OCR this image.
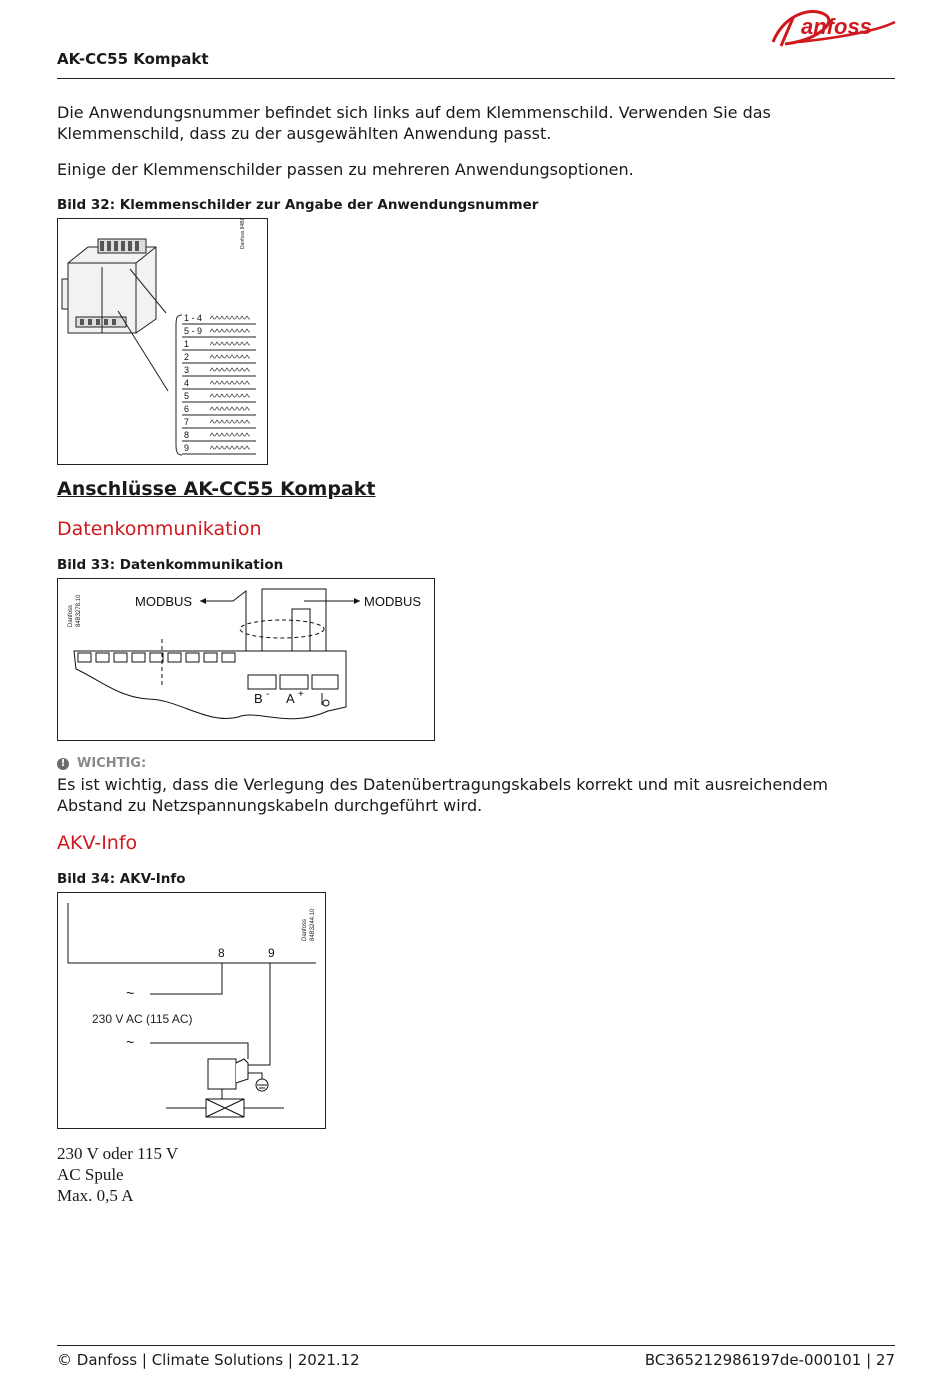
AK-CC55 Kompakt
anfoss
Die Anwendungsnummer befindet sich links auf dem Klemmenschild. Verwenden Sie das Klemmenschild, dass zu der ausgewählten Anwendung passt.
Einige der Klemmenschilder passen zu mehreren Anwendungsoptionen.
Bild 32: Klemmenschilder zur Angabe der Anwendungsnummer
Danfoss 84B8264
1 - 4
5 - 9
1
2
3
4
5
6
7
8
9
Anschlüsse AK-CC55 Kompakt
Datenkommunikation
Bild 33: Datenkommunikation
Danfoss 84B3278.10	MODBUS	MODBUS
B - A +
! WICHTIG:
Es ist wichtig, dass die Verlegung des Datenübertragungskabels korrekt und mit ausreichendem Abstand zu Netzspannungskabeln durchgeführt wird.
AKV-Info
Bild 34: AKV-Info
Danfoss 84B3244.10
8	9
~
230 V AC (115 AC)
~
230 V oder 115 V
AC Spule
Max. 0,5 A
© Danfoss | Climate Solutions | 2021.12	BC365212986197de-000101 | 27
